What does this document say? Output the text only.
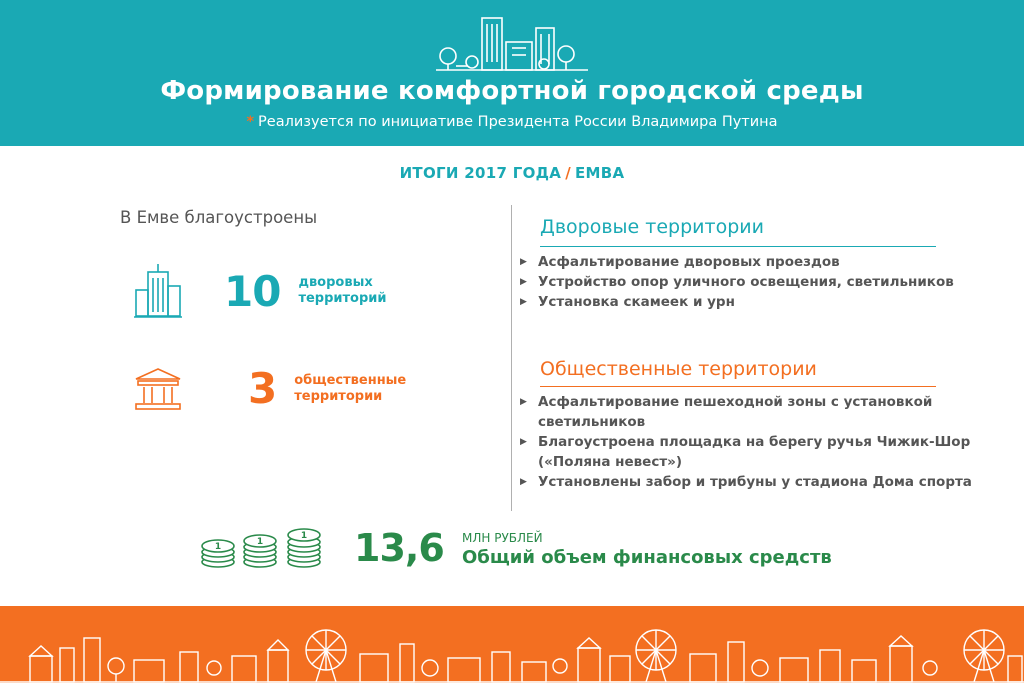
Формирование комфортной городской среды
* Реализуется по инициативе Президента России Владимира Путина
ИТОГИ 2017 ГОДА / ЕМВА
В Емве благоустроены
10 дворовых
территорий
3 общественные
территории
Дворовые территории
▶ Асфальтирование дворовых проездов
▶ Устройство опор уличного освещения, светильников
▶ Установка скамеек и урн
Общественные территории
▶ Асфальтирование пешеходной зоны с установкой светильников
▶ Благоустроена площадка на берегу ручья Чижик-Шор («Поляна невест»)
▶ Установлены забор и трибуны у стадиона Дома спорта
1	1
1 13,6 МЛН РУБЛЕЙ
Общий объем финансовых средств
